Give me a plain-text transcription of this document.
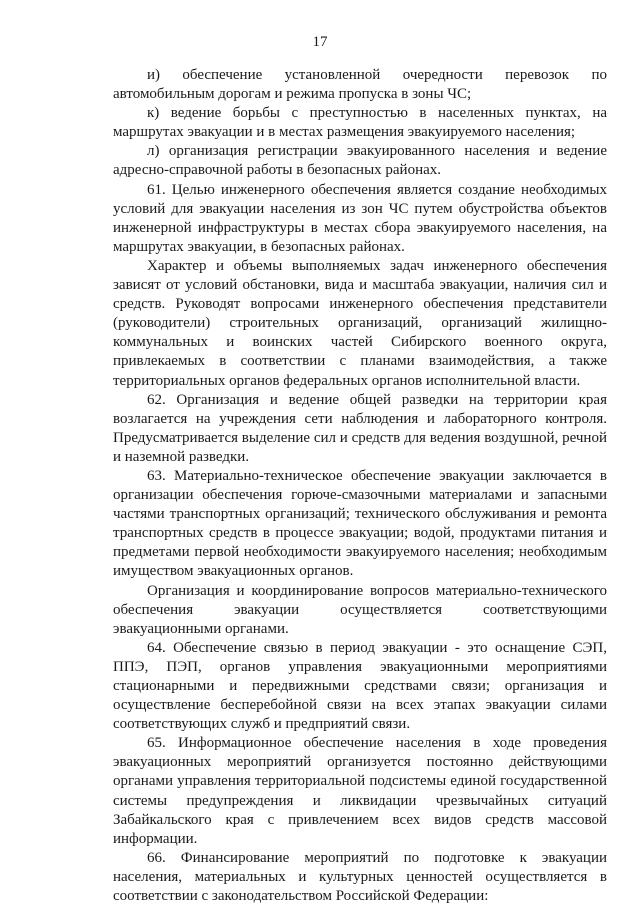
17

и) обеспечение установленной очередности перевозок по автомобильным дорогам и режима пропуска в зоны ЧС;

к) ведение борьбы с преступностью в населенных пунктах, на маршрутах эвакуации и в местах размещения эвакуируемого населения;

л) организация регистрации эвакуированного населения и ведение адресно-справочной работы в безопасных районах.

61. Целью инженерного обеспечения является создание необходимых условий для эвакуации населения из зон ЧС путем обустройства объектов инженерной инфраструктуры в местах сбора эвакуируемого населения, на маршрутах эвакуации, в безопасных районах.

Характер и объемы выполняемых задач инженерного обеспечения зависят от условий обстановки, вида и масштаба эвакуации, наличия сил и средств. Руководят вопросами инженерного обеспечения представители (руководители) строительных организаций, организаций жилищно-коммунальных и воинских частей Сибирского военного округа, привлекаемых в соответствии с планами взаимодействия, а также территориальных органов федеральных органов исполнительной власти.

62. Организация и ведение общей разведки на территории края возлагается на учреждения сети наблюдения и лабораторного контроля. Предусматривается выделение сил и средств для ведения воздушной, речной и наземной разведки.

63. Материально-техническое обеспечение эвакуации заключается в организации обеспечения горюче-смазочными материалами и запасными частями транспортных организаций; технического обслуживания и ремонта транспортных средств в процессе эвакуации; водой, продуктами питания и предметами первой необходимости эвакуируемого населения; необходимым имуществом эвакуационных органов.

Организация и координирование вопросов материально-технического обеспечения эвакуации осуществляется соответствующими эвакуационными органами.

64. Обеспечение связью в период эвакуации - это оснащение СЭП, ППЭ, ПЭП, органов управления эвакуационными мероприятиями стационарными и передвижными средствами связи; организация и осуществление бесперебойной связи на всех этапах эвакуации силами соответствующих служб и предприятий связи.

65. Информационное обеспечение населения в ходе проведения эвакуационных мероприятий организуется постоянно действующими органами управления территориальной подсистемы единой государственной системы предупреждения и ликвидации чрезвычайных ситуаций Забайкальского края с привлечением всех видов средств массовой информации.

66. Финансирование мероприятий по подготовке к эвакуации населения, материальных и культурных ценностей осуществляется в соответствии с законодательством Российской Федерации:
